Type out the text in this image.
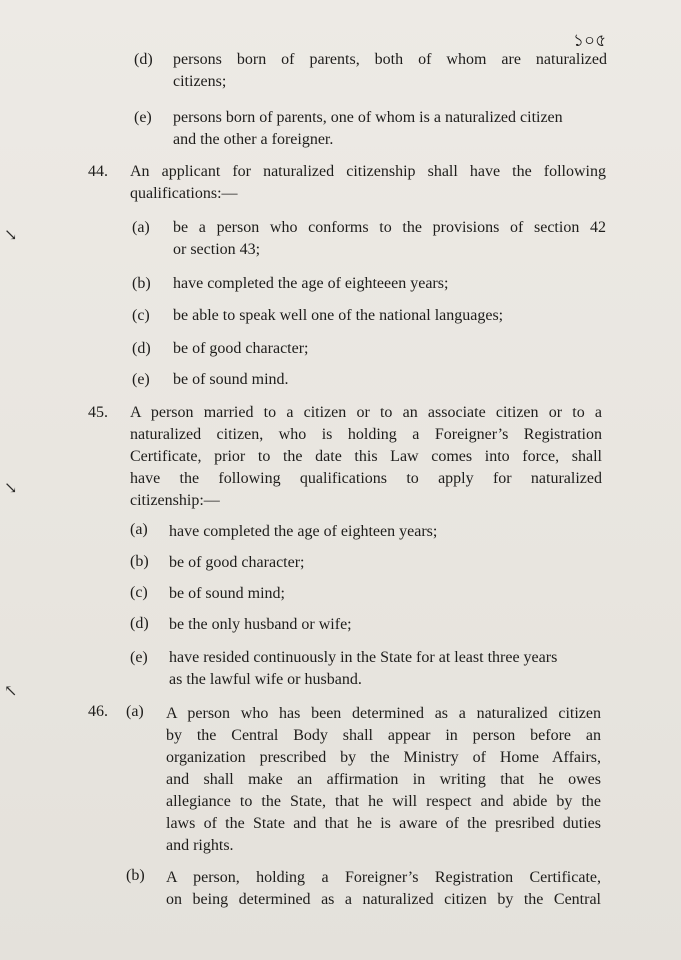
১০৫
↘
↘
↖
(d) persons born of parents, both of whom are naturalized
citizens;
(e) persons born of parents, one of whom is a naturalized citizen
and the other a foreigner.
44. An applicant for naturalized citizenship shall have the following
qualifications:—
(a) be a person who conforms to the provisions of section 42
or section 43;
(b) have completed the age of eighteeen years;
(c) be able to speak well one of the national languages;
(d) be of good character;
(e) be of sound mind.
45. A person married to a citizen or to an associate citizen or to a
naturalized citizen, who is holding a Foreigner’s Registration
Certificate, prior to the date this Law comes into force, shall
have the following qualifications to apply for naturalized
citizenship:—
(a) have completed the age of eighteen years;
(b) be of good character;
(c) be of sound mind;
(d) be the only husband or wife;
(e) have resided continuously in the State for at least three years
as the lawful wife or husband.
46. (a) A person who has been determined as a naturalized citizen
by the Central Body shall appear in person before an
organization prescribed by the Ministry of Home Affairs,
and shall make an affirmation in writing that he owes
allegiance to the State, that he will respect and abide by the
laws of the State and that he is aware of the presribed duties
and rights.
(b) A person, holding a Foreigner’s Registration Certificate,
on being determined as a naturalized citizen by the Central
